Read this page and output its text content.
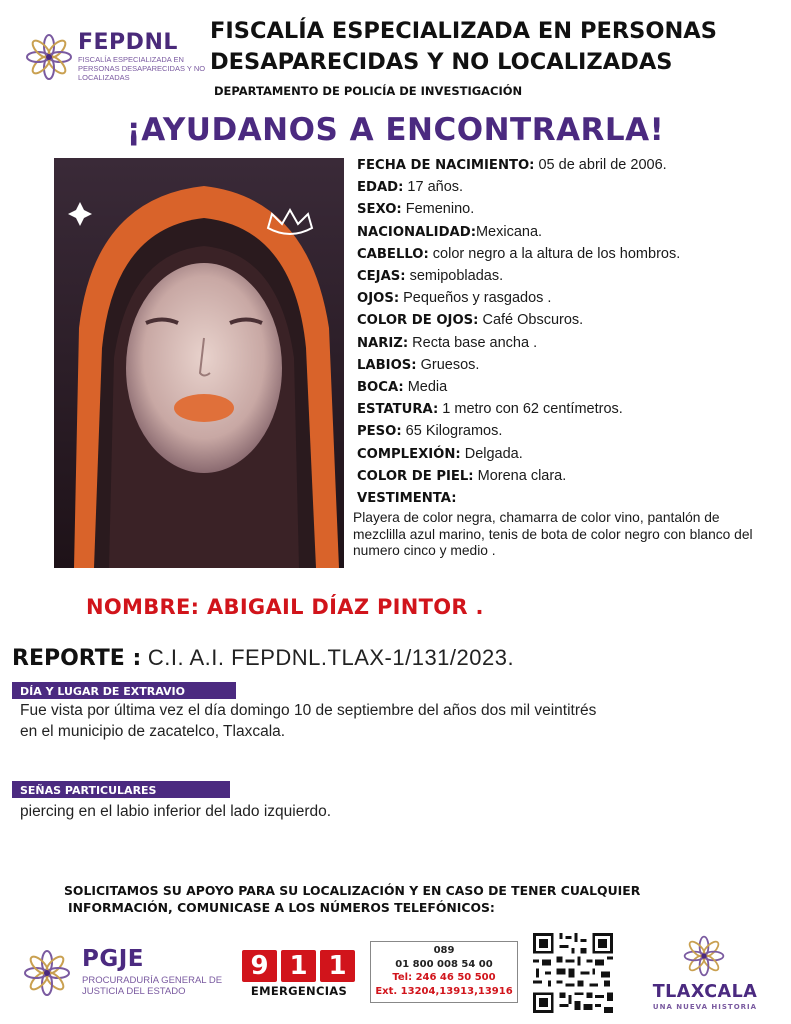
FEPDNL
FISCALÍA ESPECIALIZADA EN PERSONAS DESAPARECIDAS Y NO LOCALIZADAS
FISCALÍA ESPECIALIZADA EN PERSONAS
DESAPARECIDAS Y NO LOCALIZADAS
DEPARTAMENTO DE POLICÍA DE INVESTIGACIÓN
¡AYUDANOS A ENCONTRARLA!
FECHA DE NACIMIENTO: 05 de abril de 2006.
EDAD: 17 años.
SEXO: Femenino.
NACIONALIDAD:Mexicana.
CABELLO: color negro a la altura de los hombros.
CEJAS: semipobladas.
OJOS: Pequeños y rasgados .
COLOR DE OJOS: Café Obscuros.
NARIZ: Recta base ancha .
LABIOS: Gruesos.
BOCA: Media
ESTATURA: 1 metro con 62 centímetros.
PESO: 65 Kilogramos.
COMPLEXIÓN: Delgada.
COLOR DE PIEL: Morena clara.
VESTIMENTA:
Playera de color negra, chamarra de color vino, pantalón de mezclilla azul marino, tenis de bota de color negro con blanco del numero cinco y medio .
NOMBRE: ABIGAIL DÍAZ PINTOR .
REPORTE : C.I. A.I. FEPDNL.TLAX-1/131/2023.
DÍA Y LUGAR DE EXTRAVIO
Fue vista por última vez el día domingo 10 de septiembre del años dos mil veintitrés
en el municipio de zacatelco, Tlaxcala.
SEÑAS PARTICULARES
piercing en el labio inferior del lado izquierdo.
SOLICITAMOS SU APOYO PARA SU LOCALIZACIÓN Y EN CASO DE TENER CUALQUIER
INFORMACIÓN, COMUNICASE A LOS NÚMEROS TELEFÓNICOS:
PGJE
PROCURADURÍA GENERAL DE JUSTICIA DEL ESTADO
9 1 1
EMERGENCIAS
089
01 800 008 54 00
Tel: 246 46 50 500
Ext. 13204,13913,13916	TLAXCALA
UNA NUEVA HISTORIA
